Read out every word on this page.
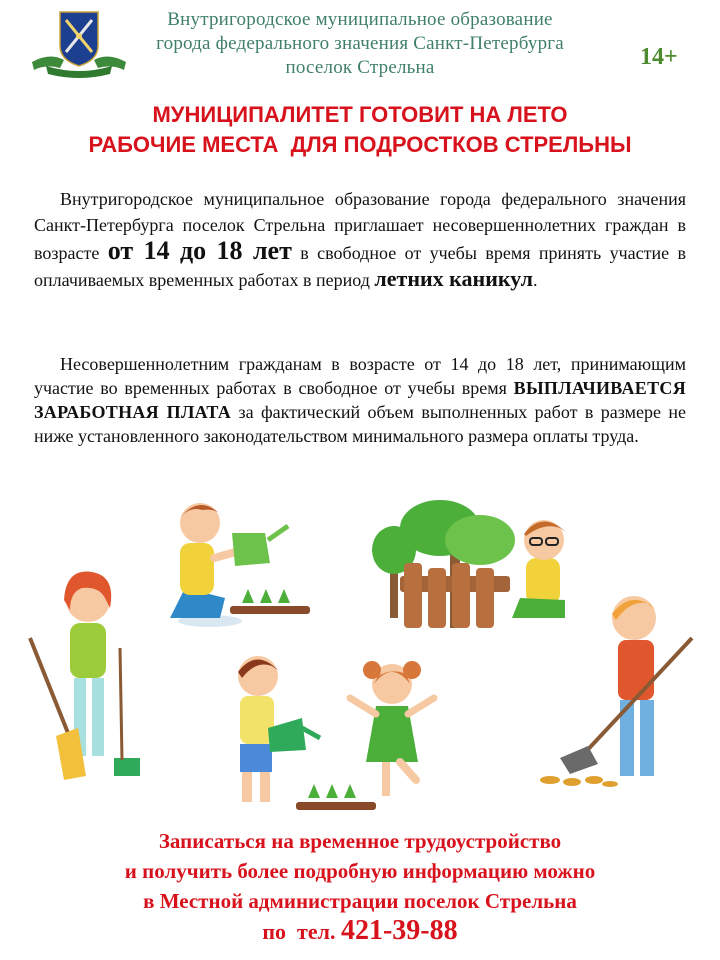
Внутригородское муниципальное образование
города федерального значения Санкт-Петербурга
поселок Стрельна	14+
МУНИЦИПАЛИТЕТ ГОТОВИТ НА ЛЕТО
РАБОЧИЕ МЕСТА  ДЛЯ ПОДРОСТКОВ СТРЕЛЬНЫ
Внутригородское муниципальное образование города федерального значения Санкт-Петербурга поселок Стрельна приглашает несовершеннолетних граждан в возрасте от 14 до 18 лет в свободное от учебы время принять участие в оплачиваемых временных работах в период летних каникул.
Несовершеннолетним гражданам в возрасте от 14 до 18 лет, принимающим участие во временных работах в свободное от учебы время ВЫПЛАЧИВАЕТСЯ ЗАРАБОТНАЯ ПЛАТА за фактический объем выполненных работ в размере не ниже установленного законодательством минимального размера оплаты труда.
Записаться на временное трудоустройство
и получить более подробную информацию можно
в Местной администрации поселок Стрельна
по  тел. 421-39-88
